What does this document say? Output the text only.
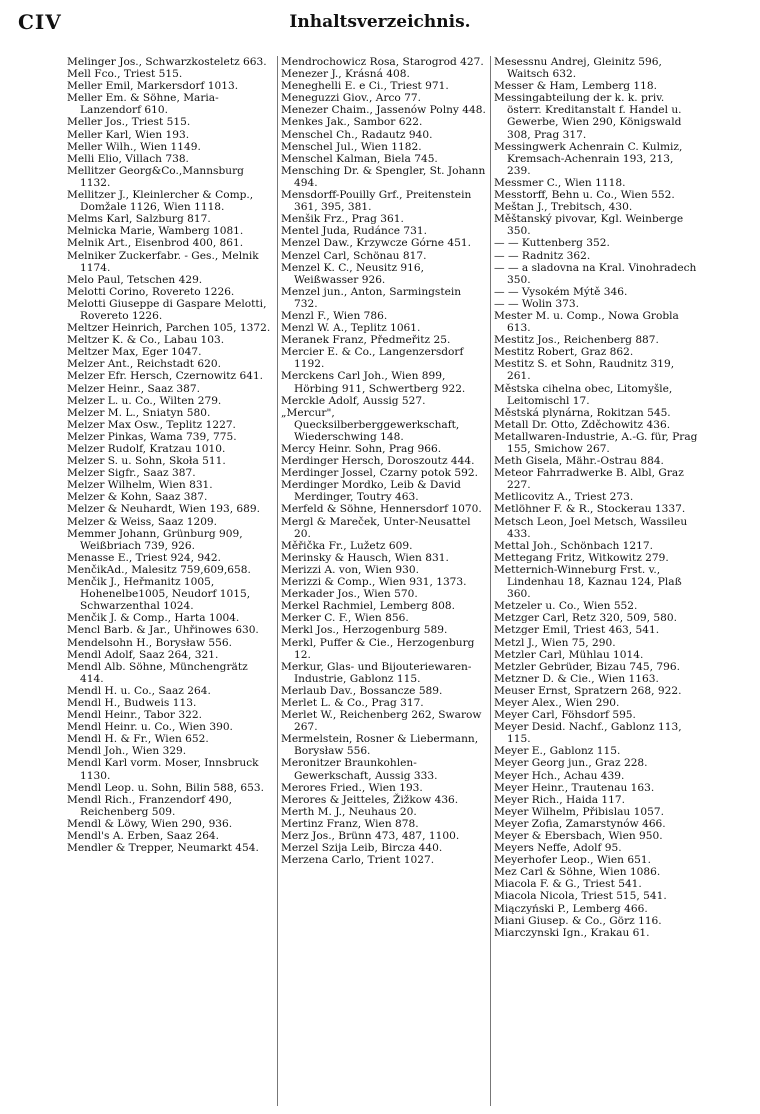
CIV	Inhaltsverzeichnis.
Melinger Jos., Schwarzkosteletz 663.
Mell Fco., Triest 515.
Meller Emil, Markersdorf 1013.
Meller Em. & Söhne, Maria-Lanzendorf 610.
Meller Jos., Triest 515.
Meller Karl, Wien 193.
Meller Wilh., Wien 1149.
Melli Elio, Villach 738.
Mellitzer Georg&Co.,Mannsburg 1132.
Mellitzer J., Kleinlercher & Comp., Domžale 1126, Wien 1118.
Melms Karl, Salzburg 817.
Melnicka Marie, Wamberg 1081.
Melnik Art., Eisenbrod 400, 861.
Melniker Zuckerfabr. - Ges., Melnik 1174.
Melo Paul, Tetschen 429.
Melotti Corino, Rovereto 1226.
Melotti Giuseppe di Gaspare Melotti, Rovereto 1226.
Meltzer Heinrich, Parchen 105, 1372.
Meltzer K. & Co., Labau 103.
Meltzer Max, Eger 1047.
Melzer Ant., Reichstadt 620.
Melzer Efr. Hersch, Czernowitz 641.
Melzer Heinr., Saaz 387.
Melzer L. u. Co., Wilten 279.
Melzer M. L., Sniatyn 580.
Melzer Max Osw., Teplitz 1227.
Melzer Pinkas, Wama 739, 775.
Melzer Rudolf, Kratzau 1010.
Melzer S. u. Sohn, Skoła 511.
Melzer Sigfr., Saaz 387.
Melzer Wilhelm, Wien 831.
Melzer & Kohn, Saaz 387.
Melzer & Neuhardt, Wien 193, 689.
Melzer & Weiss, Saaz 1209.
Memmer Johann, Grünburg 909, Weißbriach 739, 926.
Menasse E., Triest 924, 942.
MenčikAd., Malesitz 759,609,658.
Menčik J., Heřmanitz 1005, Hohenelbe1005, Neudorf 1015, Schwarzenthal 1024.
Menčik J. & Comp., Harta 1004.
Mencl Barb. & Jar., Uhřinowes 630.
Mendelsohn H., Borysław 556.
Mendl Adolf, Saaz 264, 321.
Mendl Alb. Söhne, Münchengrätz 414.
Mendl H. u. Co., Saaz 264.
Mendl H., Budweis 113.
Mendl Heinr., Tabor 322.
Mendl Heinr. u. Co., Wien 390.
Mendl H. & Fr., Wien 652.
Mendl Joh., Wien 329.
Mendl Karl vorm. Moser, Innsbruck 1130.
Mendl Leop. u. Sohn, Bilin 588, 653.
Mendl Rich., Franzendorf 490, Reichenberg 509.
Mendl & Löwy, Wien 290, 936.
Mendl's A. Erben, Saaz 264.
Mendler & Trepper, Neumarkt 454.
Mendrochowicz Rosa, Starogrod 427.
Menezer J., Krásná 408.
Meneghelli E. e Ci., Triest 971.
Meneguzzi Giov., Arco 77.
Menezer Chaim., Jassenów Polny 448.
Menkes Jak., Sambor 622.
Menschel Ch., Radautz 940.
Menschel Jul., Wien 1182.
Menschel Kalman, Biela 745.
Mensching Dr. & Spengler, St. Johann 494.
Mensdorff-Pouilly Grf., Preitenstein 361, 395, 381.
Menšik Frz., Prag 361.
Mentel Juda, Rudánce 731.
Menzel Daw., Krzywcze Górne 451.
Menzel Carl, Schönau 817.
Menzel K. C., Neusitz 916, Weißwasser 926.
Menzel jun., Anton, Sarmingstein 732.
Menzl F., Wien 786.
Menzl W. A., Teplitz 1061.
Meranek Franz, Předmeřitz 25.
Mercier E. & Co., Langenzersdorf 1192.
Merckens Carl Joh., Wien 899, Hörbing 911, Schwertberg 922.
Merckle Adolf, Aussig 527.
„Mercur", Quecksilberberggewerkschaft, Wiederschwing 148.
Mercy Heinr. Sohn, Prag 966.
Merdinger Hersch, Doroszoutz 444.
Merdinger Jossel, Czarny potok 592.
Merdinger Mordko, Leib & David Merdinger, Toutry 463.
Merfeld & Söhne, Hennersdorf 1070.
Mergl & Mareček, Unter-Neusattel 20.
Měřička Fr., Lužetz 609.
Merinsky & Hausch, Wien 831.
Merizzi A. von, Wien 930.
Merizzi & Comp., Wien 931, 1373.
Merkader Jos., Wien 570.
Merkel Rachmiel, Lemberg 808.
Merker C. F., Wien 856.
Merkl Jos., Herzogenburg 589.
Merkl, Puffer & Cie., Herzogenburg 12.
Merkur, Glas- und Bijouteriewaren-Industrie, Gablonz 115.
Merlaub Dav., Bossancze 589.
Merlet L. & Co., Prag 317.
Merlet W., Reichenberg 262, Swarow 267.
Mermelstein, Rosner & Liebermann, Borysław 556.
Meronitzer Braunkohlen-Gewerkschaft, Aussig 333.
Merores Fried., Wien 193.
Merores & Jeitteles, Žižkow 436.
Merth M. J., Neuhaus 20.
Mertinz Franz, Wien 878.
Merz Jos., Brünn 473, 487, 1100.
Merzel Szija Leib, Bircza 440.
Merzena Carlo, Trient 1027.
Mesessnu Andrej, Gleinitz 596, Waitsch 632.
Messer & Ham, Lemberg 118.
Messingabteilung der k. k. priv. österr. Kreditanstalt f. Handel u. Gewerbe, Wien 290, Königswald 308, Prag 317.
Messingwerk Achenrain C. Kulmiz, Kremsach-Achenrain 193, 213, 239.
Messmer C., Wien 1118.
Messtorff, Behn u. Co., Wien 552.
Meštan J., Trebitsch, 430.
Měštanský pivovar, Kgl. Weinberge 350.
— — Kuttenberg 352.
— — Radnitz 362.
— — a sladovna na Kral. Vinohradech 350.
— — Vysokém Mýtě 346.
— — Wolin 373.
Mester M. u. Comp., Nowa Grobla 613.
Mestitz Jos., Reichenberg 887.
Mestitz Robert, Graz 862.
Mestitz S. et Sohn, Raudnitz 319, 261.
Městska cihelna obec, Litomyšle, Leitomischl 17.
Městská plynárna, Rokitzan 545.
Metall Dr. Otto, Zděchowitz 436.
Metallwaren-Industrie, A.-G. für, Prag 155, Smichow 267.
Meth Gisela, Mähr.-Ostrau 884.
Meteor Fahrradwerke B. Albl, Graz 227.
Metlicovitz A., Triest 273.
Metlöhner F. & R., Stockerau 1337.
Metsch Leon, Joel Metsch, Wassileu 433.
Mettal Joh., Schönbach 1217.
Mettegang Fritz, Witkowitz 279.
Metternich-Winneburg Frst. v., Lindenhau 18, Kaznau 124, Plaß 360.
Metzeler u. Co., Wien 552.
Metzger Carl, Retz 320, 509, 580.
Metzger Emil, Triest 463, 541.
Metzl J., Wien 75, 290.
Metzler Carl, Mühlau 1014.
Metzler Gebrüder, Bizau 745, 796.
Metzner D. & Cie., Wien 1163.
Meuser Ernst, Spratzern 268, 922.
Meyer Alex., Wien 290.
Meyer Carl, Föhsdorf 595.
Meyer Desid. Nachf., Gablonz 113, 115.
Meyer E., Gablonz 115.
Meyer Georg jun., Graz 228.
Meyer Hch., Achau 439.
Meyer Heinr., Trautenau 163.
Meyer Rich., Haida 117.
Meyer Wilhelm, Přibislau 1057.
Meyer Zofia, Zamarstynów 466.
Meyer & Ebersbach, Wien 950.
Meyers Neffe, Adolf 95.
Meyerhofer Leop., Wien 651.
Mez Carl & Söhne, Wien 1086.
Miacola F. & G., Triest 541.
Miacola Nicola, Triest 515, 541.
Miączyński P., Lemberg 466.
Miani Giusep. & Co., Görz 116.
Miarczynski Ign., Krakau 61.
